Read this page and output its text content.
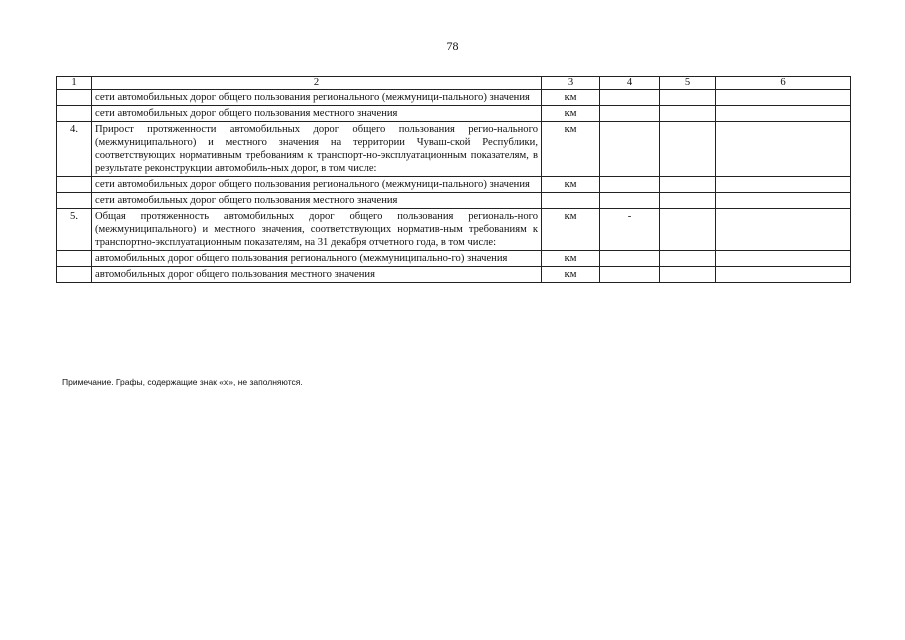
78
1	2	3	4	5	6
	сети автомобильных дорог общего пользования регионального (межмуници-пального) значения	км			
	сети автомобильных дорог общего пользования местного значения	км			
4.	Прирост протяженности автомобильных дорог общего пользования регио-нального (межмуниципального) и местного значения на территории Чуваш-ской Республики, соответствующих нормативным требованиям к транспорт-но-эксплуатационным показателям, в результате реконструкции автомобиль-ных дорог, в том числе:	км			
	сети автомобильных дорог общего пользования регионального (межмуници-пального) значения	км			
	сети автомобильных дорог общего пользования местного значения				
5.	Общая протяженность автомобильных дорог общего пользования региональ-ного (межмуниципального) и местного значения, соответствующих норматив-ным требованиям к транспортно-эксплуатационным показателям, на 31 декабря отчетного года, в том числе:	км	-		
	автомобильных дорог общего пользования регионального (межмуниципально-го) значения	км			
	автомобильных дорог общего пользования местного значения	км			
Примечание. Графы, содержащие знак «х», не заполняются.
